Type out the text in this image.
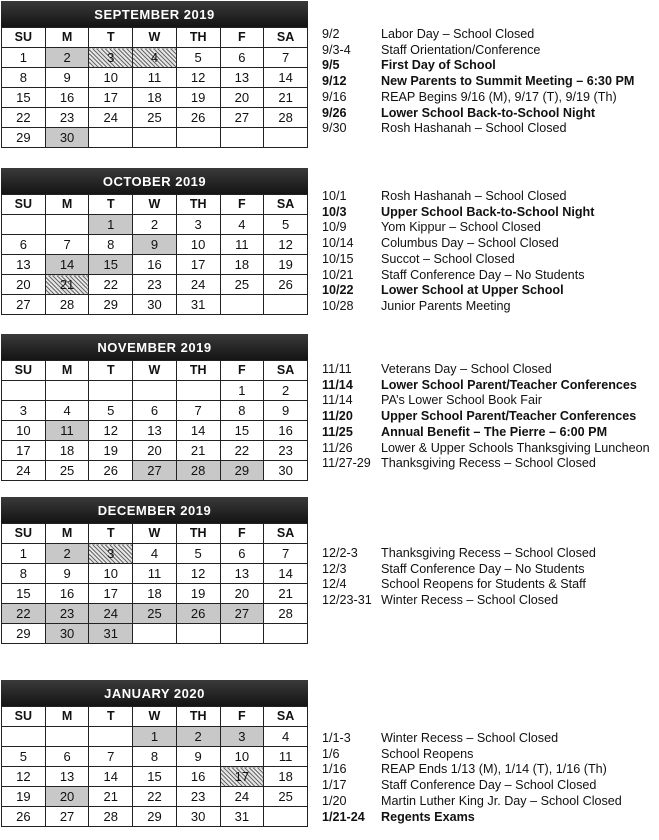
SEPTEMBER 2019
SU	M	T	W	TH	F	SA
1	2	3	4	5	6	7
8	9	10	11	12	13	14
15	16	17	18	19	20	21
22	23	24	25	26	27	28
29	30					
9/2	Labor Day – School Closed
9/3-4	Staff Orientation/Conference
9/5	First Day of School
9/12	New Parents to Summit Meeting – 6:30 PM
9/16	REAP Begins 9/16 (M), 9/17 (T), 9/19 (Th)
9/26	Lower School Back-to-School Night
9/30	Rosh Hashanah – School Closed
OCTOBER 2019
SU	M	T	W	TH	F	SA
		1	2	3	4	5
6	7	8	9	10	11	12
13	14	15	16	17	18	19
20	21	22	23	24	25	26
27	28	29	30	31		
10/1	Rosh Hashanah – School Closed
10/3	Upper School Back-to-School Night
10/9	Yom Kippur – School Closed
10/14	Columbus Day – School Closed
10/15	Succot – School Closed
10/21	Staff Conference Day – No Students
10/22	Lower School at Upper School
10/28	Junior Parents Meeting
NOVEMBER 2019
SU	M	T	W	TH	F	SA
					1	2
3	4	5	6	7	8	9
10	11	12	13	14	15	16
17	18	19	20	21	22	23
24	25	26	27	28	29	30
11/11	Veterans Day – School Closed
11/14	Lower School Parent/Teacher Conferences
11/14	PA’s Lower School Book Fair
11/20	Upper School Parent/Teacher Conferences
11/25	Annual Benefit – The Pierre – 6:00 PM
11/26	Lower & Upper Schools Thanksgiving Luncheon
11/27-29 Thanksgiving Recess – School Closed
DECEMBER 2019
SU	M	T	W	TH	F	SA
1	2	3	4	5	6	7
8	9	10	11	12	13	14
15	16	17	18	19	20	21
22	23	24	25	26	27	28
29	30	31				
12/2-3	Thanksgiving Recess – School Closed
12/3	Staff Conference Day – No Students
12/4	School Reopens for Students & Staff
12/23-31 Winter Recess – School Closed
JANUARY 2020
SU	M	T	W	TH	F	SA
			1	2	3	4
5	6	7	8	9	10	11
12	13	14	15	16	17	18
19	20	21	22	23	24	25
26	27	28	29	30	31	
1/1-3	Winter Recess – School Closed
1/6	School Reopens
1/16	REAP Ends 1/13 (M), 1/14 (T), 1/16 (Th)
1/17	Staff Conference Day – School Closed
1/20	Martin Luther King Jr. Day – School Closed
1/21-24	Regents Exams
